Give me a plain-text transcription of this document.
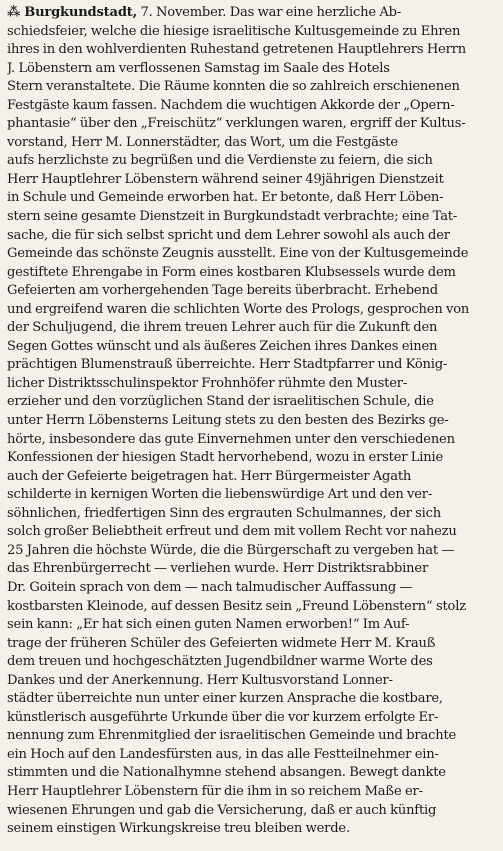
⁂ Burgkundstadt, 7. November. Das war eine herzliche Ab-
schiedsfeier, welche die hiesige israelitische Kultusgemeinde zu Ehren
ihres in den wohlverdienten Ruhestand getretenen Hauptlehrers Herrn
J. Löbenstern am verflossenen Samstag im Saale des Hotels
Stern veranstaltete. Die Räume konnten die so zahlreich erschienenen
Festgäste kaum fassen. Nachdem die wuchtigen Akkorde der „Opern-
phantasie“ über den „Freischütz“ verklungen waren, ergriff der Kultus-
vorstand, Herr M. Lonnerstädter, das Wort, um die Festgäste
aufs herzlichste zu begrüßen und die Verdienste zu feiern, die sich
Herr Hauptlehrer Löbenstern während seiner 49jährigen Dienstzeit
in Schule und Gemeinde erworben hat. Er betonte, daß Herr Löben-
stern seine gesamte Dienstzeit in Burgkundstadt verbrachte; eine Tat-
sache, die für sich selbst spricht und dem Lehrer sowohl als auch der
Gemeinde das schönste Zeugnis ausstellt. Eine von der Kultusgemeinde
gestiftete Ehrengabe in Form eines kostbaren Klubsessels wurde dem
Gefeierten am vorhergehenden Tage bereits überbracht. Erhebend
und ergreifend waren die schlichten Worte des Prologs, gesprochen von
der Schuljugend, die ihrem treuen Lehrer auch für die Zukunft den
Segen Gottes wünscht und als äußeres Zeichen ihres Dankes einen
prächtigen Blumenstrauß überreichte. Herr Stadtpfarrer und König-
licher Distriktsschulinspektor Frohnhöfer rühmte den Muster-
erzieher und den vorzüglichen Stand der israelitischen Schule, die
unter Herrn Löbensterns Leitung stets zu den besten des Bezirks ge-
hörte, insbesondere das gute Einvernehmen unter den verschiedenen
Konfessionen der hiesigen Stadt hervorhebend, wozu in erster Linie
auch der Gefeierte beigetragen hat. Herr Bürgermeister Agath
schilderte in kernigen Worten die liebenswürdige Art und den ver-
söhnlichen, friedfertigen Sinn des ergrauten Schulmannes, der sich
solch großer Beliebtheit erfreut und dem mit vollem Recht vor nahezu
25 Jahren die höchste Würde, die die Bürgerschaft zu vergeben hat —
das Ehrenbürgerrecht — verliehen wurde. Herr Distriktsrabbiner
Dr. Goitein sprach von dem — nach talmudischer Auffassung —
kostbarsten Kleinode, auf dessen Besitz sein „Freund Löbenstern“ stolz
sein kann: „Er hat sich einen guten Namen erworben!“ Im Auf-
trage der früheren Schüler des Gefeierten widmete Herr M. Krauß
dem treuen und hochgeschätzten Jugendbildner warme Worte des
Dankes und der Anerkennung. Herr Kultusvorstand Lonner-
städter überreichte nun unter einer kurzen Ansprache die kostbare,
künstlerisch ausgeführte Urkunde über die vor kurzem erfolgte Er-
nennung zum Ehrenmitglied der israelitischen Gemeinde und brachte
ein Hoch auf den Landesfürsten aus, in das alle Festteilnehmer ein-
stimmten und die Nationalhymne stehend absangen. Bewegt dankte
Herr Hauptlehrer Löbenstern für die ihm in so reichem Maße er-
wiesenen Ehrungen und gab die Versicherung, daß er auch künftig
seinem einstigen Wirkungskreise treu bleiben werde.
